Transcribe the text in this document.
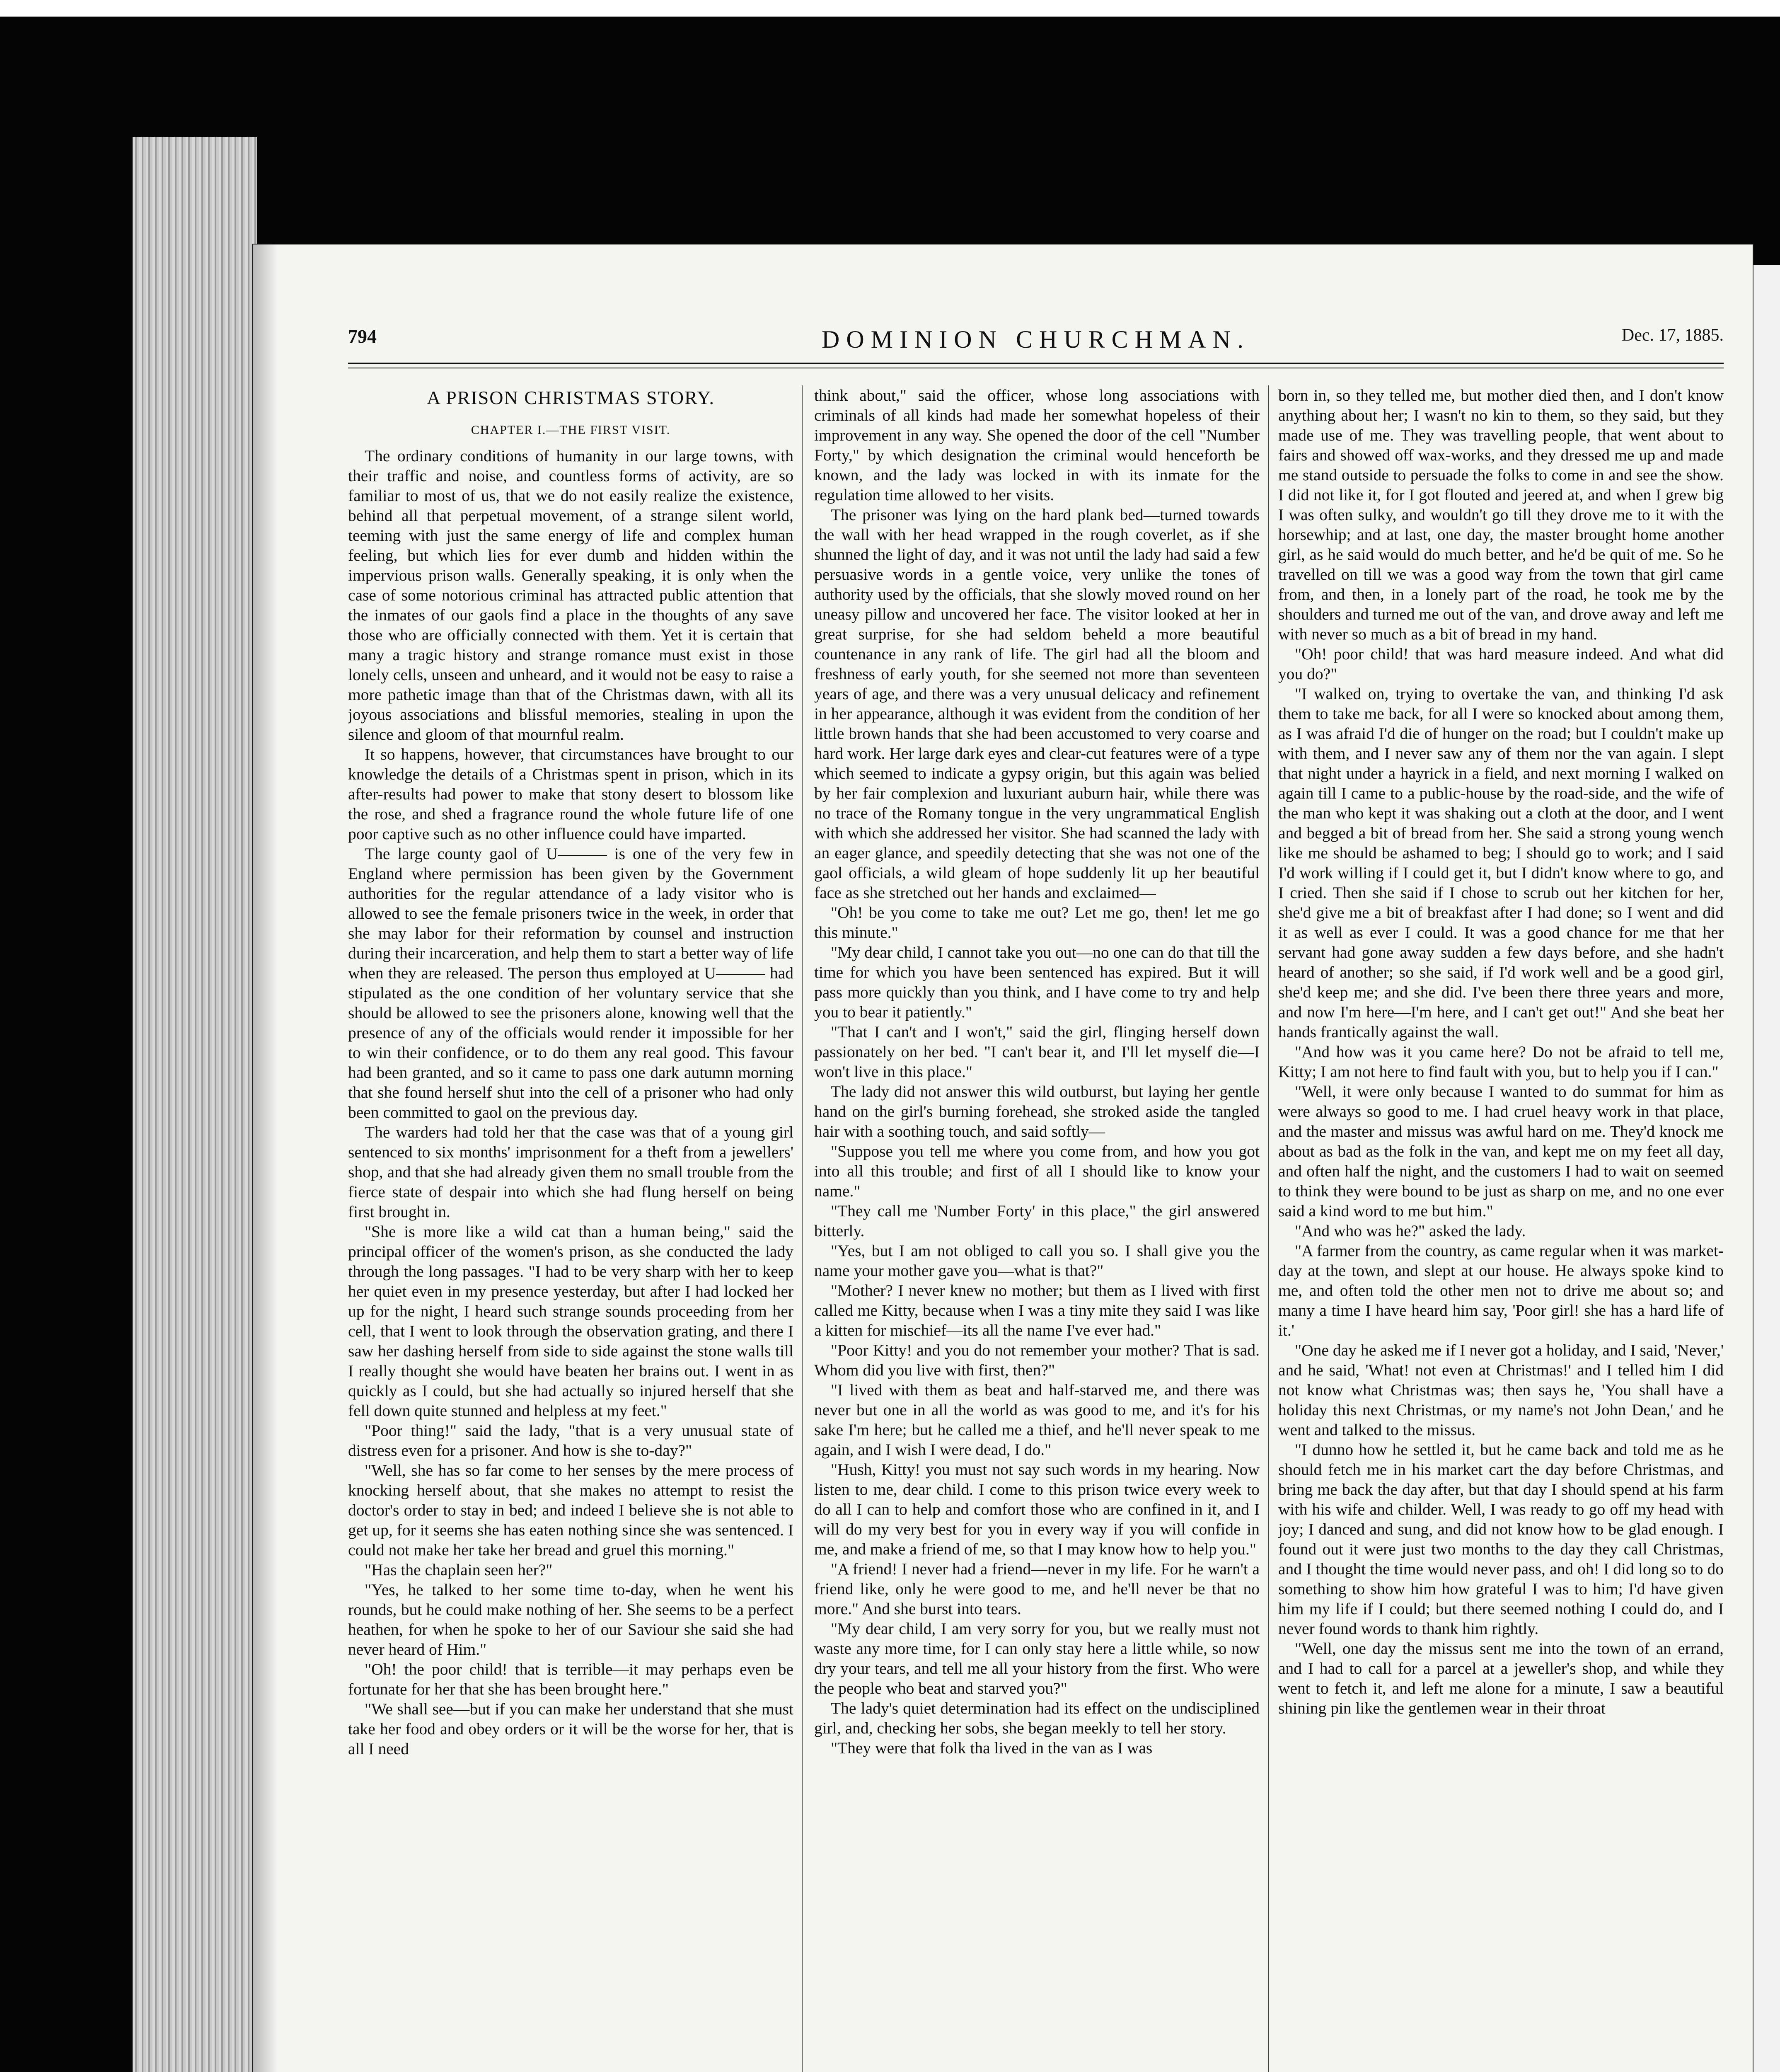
794	DOMINION CHURCHMAN.	Dec. 17, 1885.
A PRISON CHRISTMAS STORY.
CHAPTER I.—THE FIRST VISIT.

The ordinary conditions of humanity in our large towns, with their traffic and noise, and countless forms of activity, are so familiar to most of us, that we do not easily realize the existence, behind all that perpetual movement, of a strange silent world, teeming with just the same energy of life and complex human feeling, but which lies for ever dumb and hidden within the impervious prison walls. Generally speaking, it is only when the case of some notorious criminal has attracted public attention that the inmates of our gaols find a place in the thoughts of any save those who are officially connected with them. Yet it is certain that many a tragic history and strange romance must exist in those lonely cells, unseen and unheard, and it would not be easy to raise a more pathetic image than that of the Christmas dawn, with all its joyous associations and blissful memories, stealing in upon the silence and gloom of that mournful realm.

It so happens, however, that circumstances have brought to our knowledge the details of a Christmas spent in prison, which in its after-results had power to make that stony desert to blossom like the rose, and shed a fragrance round the whole future life of one poor captive such as no other influence could have imparted.

The large county gaol of U——— is one of the very few in England where permission has been given by the Government authorities for the regular attendance of a lady visitor who is allowed to see the female prisoners twice in the week, in order that she may labor for their reformation by counsel and instruction during their incarceration, and help them to start a better way of life when they are released. The person thus employed at U——— had stipulated as the one condition of her voluntary service that she should be allowed to see the prisoners alone, knowing well that the presence of any of the officials would render it impossible for her to win their confidence, or to do them any real good. This favour had been granted, and so it came to pass one dark autumn morning that she found herself shut into the cell of a prisoner who had only been committed to gaol on the previous day.

The warders had told her that the case was that of a young girl sentenced to six months' imprisonment for a theft from a jewellers' shop, and that she had already given them no small trouble from the fierce state of despair into which she had flung herself on being first brought in.

"She is more like a wild cat than a human being," said the principal officer of the women's prison, as she conducted the lady through the long passages. "I had to be very sharp with her to keep her quiet even in my presence yesterday, but after I had locked her up for the night, I heard such strange sounds proceeding from her cell, that I went to look through the observation grating, and there I saw her dashing herself from side to side against the stone walls till I really thought she would have beaten her brains out. I went in as quickly as I could, but she had actually so injured herself that she fell down quite stunned and helpless at my feet."

"Poor thing!" said the lady, "that is a very unusual state of distress even for a prisoner. And how is she to-day?"

"Well, she has so far come to her senses by the mere process of knocking herself about, that she makes no attempt to resist the doctor's order to stay in bed; and indeed I believe she is not able to get up, for it seems she has eaten nothing since she was sentenced. I could not make her take her bread and gruel this morning."

"Has the chaplain seen her?"

"Yes, he talked to her some time to-day, when he went his rounds, but he could make nothing of her. She seems to be a perfect heathen, for when he spoke to her of our Saviour she said she had never heard of Him."

"Oh! the poor child! that is terrible—it may perhaps even be fortunate for her that she has been brought here."

"We shall see—but if you can make her understand that she must take her food and obey orders or it will be the worse for her, that is all I need

think about," said the officer, whose long associations with criminals of all kinds had made her somewhat hopeless of their improvement in any way. She opened the door of the cell "Number Forty," by which designation the criminal would henceforth be known, and the lady was locked in with its inmate for the regulation time allowed to her visits.

The prisoner was lying on the hard plank bed—turned towards the wall with her head wrapped in the rough coverlet, as if she shunned the light of day, and it was not until the lady had said a few persuasive words in a gentle voice, very unlike the tones of authority used by the officials, that she slowly moved round on her uneasy pillow and uncovered her face. The visitor looked at her in great surprise, for she had seldom beheld a more beautiful countenance in any rank of life. The girl had all the bloom and freshness of early youth, for she seemed not more than seventeen years of age, and there was a very unusual delicacy and refinement in her appearance, although it was evident from the condition of her little brown hands that she had been accustomed to very coarse and hard work. Her large dark eyes and clear-cut features were of a type which seemed to indicate a gypsy origin, but this again was belied by her fair complexion and luxuriant auburn hair, while there was no trace of the Romany tongue in the very ungrammatical English with which she addressed her visitor. She had scanned the lady with an eager glance, and speedily detecting that she was not one of the gaol officials, a wild gleam of hope suddenly lit up her beautiful face as she stretched out her hands and exclaimed—

"Oh! be you come to take me out? Let me go, then! let me go this minute."

"My dear child, I cannot take you out—no one can do that till the time for which you have been sentenced has expired. But it will pass more quickly than you think, and I have come to try and help you to bear it patiently."

"That I can't and I won't," said the girl, flinging herself down passionately on her bed. "I can't bear it, and I'll let myself die—I won't live in this place."

The lady did not answer this wild outburst, but laying her gentle hand on the girl's burning forehead, she stroked aside the tangled hair with a soothing touch, and said softly—

"Suppose you tell me where you come from, and how you got into all this trouble; and first of all I should like to know your name."

"They call me 'Number Forty' in this place," the girl answered bitterly.

"Yes, but I am not obliged to call you so. I shall give you the name your mother gave you—what is that?"

"Mother? I never knew no mother; but them as I lived with first called me Kitty, because when I was a tiny mite they said I was like a kitten for mischief—its all the name I've ever had."

"Poor Kitty! and you do not remember your mother? That is sad. Whom did you live with first, then?"

"I lived with them as beat and half-starved me, and there was never but one in all the world as was good to me, and it's for his sake I'm here; but he called me a thief, and he'll never speak to me again, and I wish I were dead, I do."

"Hush, Kitty! you must not say such words in my hearing. Now listen to me, dear child. I come to this prison twice every week to do all I can to help and comfort those who are confined in it, and I will do my very best for you in every way if you will confide in me, and make a friend of me, so that I may know how to help you."

"A friend! I never had a friend—never in my life. For he warn't a friend like, only he were good to me, and he'll never be that no more." And she burst into tears.

"My dear child, I am very sorry for you, but we really must not waste any more time, for I can only stay here a little while, so now dry your tears, and tell me all your history from the first. Who were the people who beat and starved you?"

The lady's quiet determination had its effect on the undisciplined girl, and, checking her sobs, she began meekly to tell her story.

"They were that folk tha lived in the van as I was

born in, so they telled me, but mother died then, and I don't know anything about her; I wasn't no kin to them, so they said, but they made use of me. They was travelling people, that went about to fairs and showed off wax-works, and they dressed me up and made me stand outside to persuade the folks to come in and see the show. I did not like it, for I got flouted and jeered at, and when I grew big I was often sulky, and wouldn't go till they drove me to it with the horsewhip; and at last, one day, the master brought home another girl, as he said would do much better, and he'd be quit of me. So he travelled on till we was a good way from the town that girl came from, and then, in a lonely part of the road, he took me by the shoulders and turned me out of the van, and drove away and left me with never so much as a bit of bread in my hand.

"Oh! poor child! that was hard measure indeed. And what did you do?"

"I walked on, trying to overtake the van, and thinking I'd ask them to take me back, for all I were so knocked about among them, as I was afraid I'd die of hunger on the road; but I couldn't make up with them, and I never saw any of them nor the van again. I slept that night under a hayrick in a field, and next morning I walked on again till I came to a public-house by the road-side, and the wife of the man who kept it was shaking out a cloth at the door, and I went and begged a bit of bread from her. She said a strong young wench like me should be ashamed to beg; I should go to work; and I said I'd work willing if I could get it, but I didn't know where to go, and I cried. Then she said if I chose to scrub out her kitchen for her, she'd give me a bit of breakfast after I had done; so I went and did it as well as ever I could. It was a good chance for me that her servant had gone away sudden a few days before, and she hadn't heard of another; so she said, if I'd work well and be a good girl, she'd keep me; and she did. I've been there three years and more, and now I'm here—I'm here, and I can't get out!" And she beat her hands frantically against the wall.

"And how was it you came here? Do not be afraid to tell me, Kitty; I am not here to find fault with you, but to help you if I can."

"Well, it were only because I wanted to do summat for him as were always so good to me. I had cruel heavy work in that place, and the master and missus was awful hard on me. They'd knock me about as bad as the folk in the van, and kept me on my feet all day, and often half the night, and the customers I had to wait on seemed to think they were bound to be just as sharp on me, and no one ever said a kind word to me but him."

"And who was he?" asked the lady.

"A farmer from the country, as came regular when it was market-day at the town, and slept at our house. He always spoke kind to me, and often told the other men not to drive me about so; and many a time I have heard him say, 'Poor girl! she has a hard life of it.'

"One day he asked me if I never got a holiday, and I said, 'Never,' and he said, 'What! not even at Christmas!' and I telled him I did not know what Christmas was; then says he, 'You shall have a holiday this next Christmas, or my name's not John Dean,' and he went and talked to the missus.

"I dunno how he settled it, but he came back and told me as he should fetch me in his market cart the day before Christmas, and bring me back the day after, but that day I should spend at his farm with his wife and childer. Well, I was ready to go off my head with joy; I danced and sung, and did not know how to be glad enough. I found out it were just two months to the day they call Christmas, and I thought the time would never pass, and oh! I did long so to do something to show him how grateful I was to him; I'd have given him my life if I could; but there seemed nothing I could do, and I never found words to thank him rightly.

"Well, one day the missus sent me into the town of an errand, and I had to call for a parcel at a jeweller's shop, and while they went to fetch it, and left me alone for a minute, I saw a beautiful shining pin like the gentlemen wear in their throat
